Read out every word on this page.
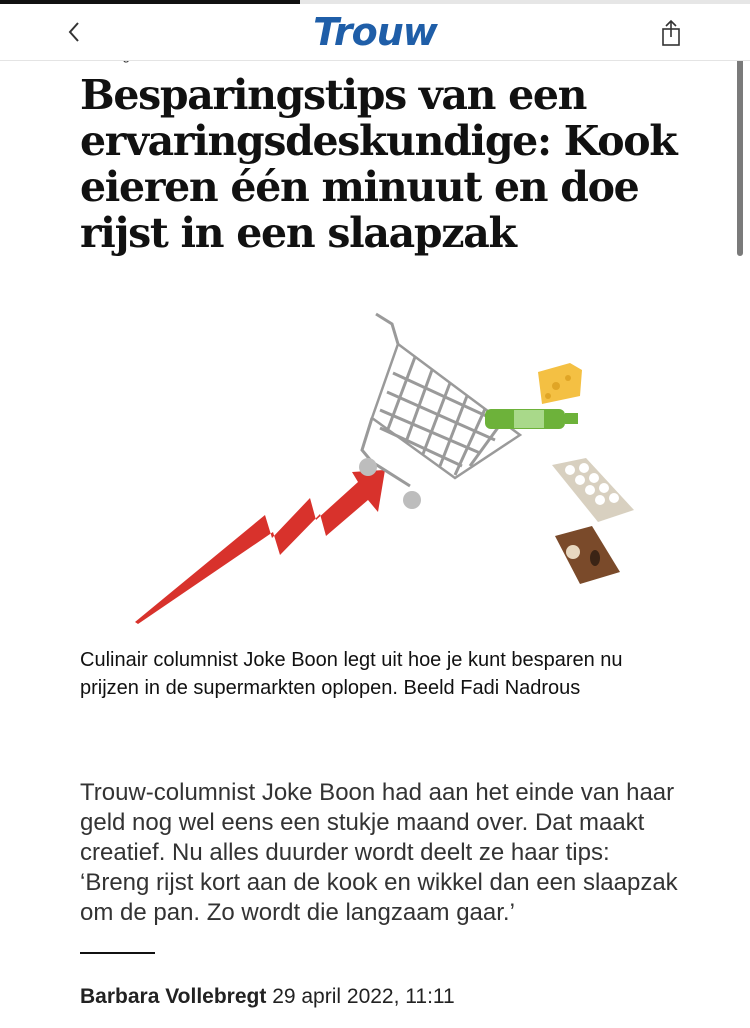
Trouw
Besparingstips van een ervaringsdeskundige: Kook eieren één minuut en doe rijst in een slaapzak

Culinair columnist Joke Boon legt uit hoe je kunt besparen nu prijzen in de supermarkten oplopen. Beeld Fadi Nadrous

Trouw-columnist Joke Boon had aan het einde van haar geld nog wel eens een stukje maand over. Dat maakt creatief. Nu alles duurder wordt deelt ze haar tips: ‘Breng rijst kort aan de kook en wikkel dan een slaapzak om de pan. Zo wordt die langzaam gaar.’

Barbara Vollebregt 29 april 2022, 11:11
